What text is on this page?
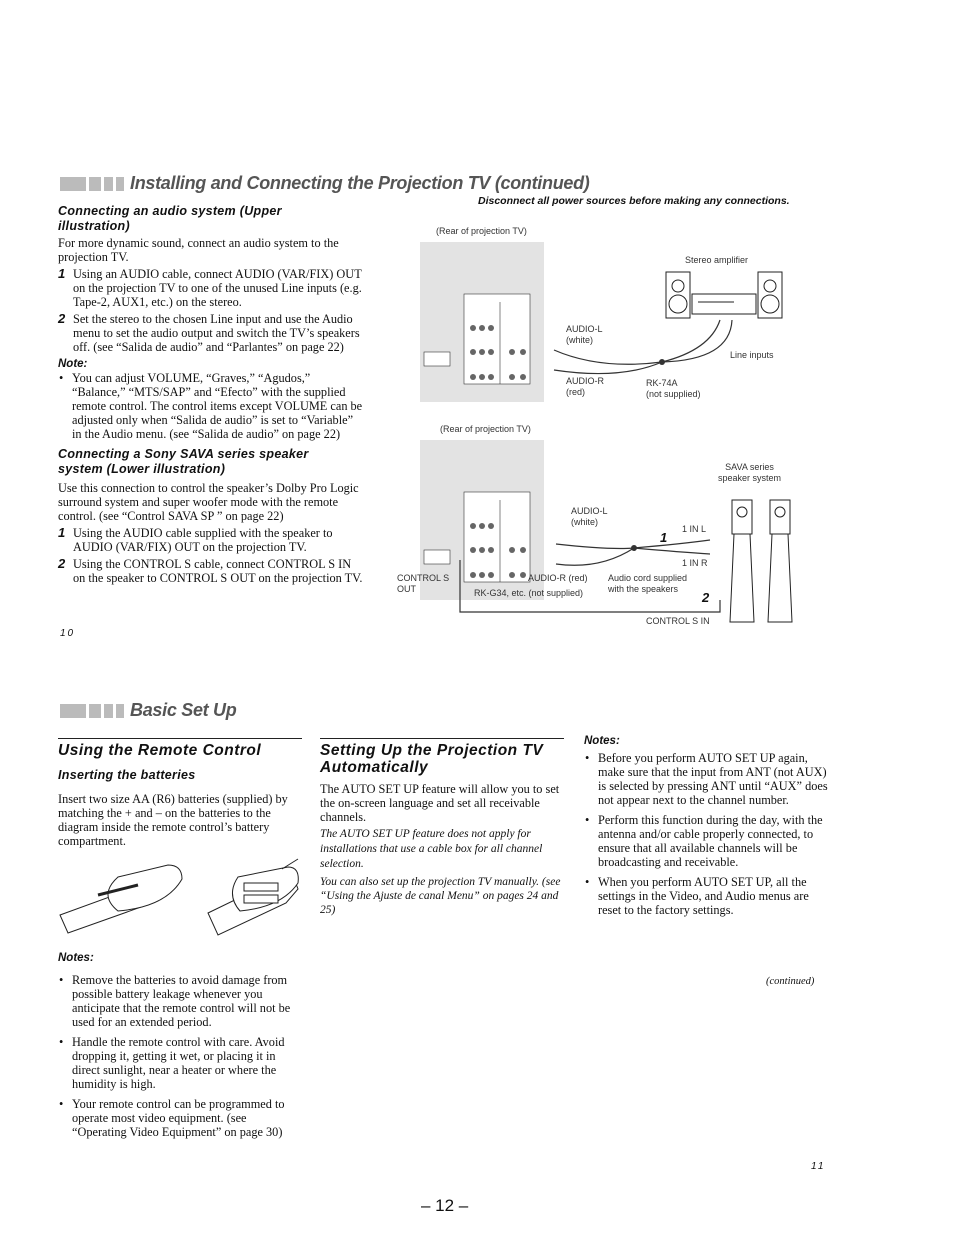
Installing and Connecting the Projection TV (continued)
Disconnect all power sources before making any connections.
Connecting an audio system (Upper illustration)
For more dynamic sound, connect an audio system to the projection TV.
1 Using an AUDIO cable, connect AUDIO (VAR/FIX) OUT on the projection TV to one of the unused Line inputs (e.g. Tape-2, AUX1, etc.) on the stereo.
2 Set the stereo to the chosen Line input and use the Audio menu to set the audio output and switch the TV’s speakers off. (see “Salida de audio” and “Parlantes” on page 22)
Note:
• You can adjust VOLUME, “Graves,” “Agudos,” “Balance,” “MTS/SAP” and “Efecto” with the supplied remote control. The control items except VOLUME can be adjusted only when “Salida de audio” is set to “Variable” in the Audio menu. (see “Salida de audio” on page 22)
Connecting a Sony SAVA series speaker system (Lower illustration)
Use this connection to control the speaker’s Dolby Pro Logic surround system and super woofer mode with the remote control. (see “Control SAVA SP ” on page 22)
1 Using the AUDIO cable supplied with the speaker to AUDIO (VAR/FIX) OUT on the projection TV.
2 Using the CONTROL S cable, connect CONTROL S IN on the speaker to CONTROL S OUT on the projection TV.
10
(Rear of projection TV)
Stereo amplifier
AUDIO-L
(white)
AUDIO-R
(red)
RK-74A
(not supplied)
Line inputs
(Rear of projection TV)
SAVA series
speaker system
AUDIO-L
(white)
1 IN L
1 IN R
1
2
CONTROL S
OUT
AUDIO-R (red)
RK-G34, etc. (not supplied)
Audio cord supplied
with the speakers
CONTROL S IN
Basic Set Up
Using the Remote Control
Inserting the batteries
Insert two size AA (R6) batteries (supplied) by matching the + and – on the batteries to the diagram inside the remote control’s battery compartment.
Notes:
• Remove the batteries to avoid damage from possible battery leakage whenever you anticipate that the remote control will not be used for an extended period.
• Handle the remote control with care. Avoid dropping it, getting it wet, or placing it in direct sunlight, near a heater or where the humidity is high.
• Your remote control can be programmed to operate most video equipment. (see “Operating Video Equipment” on page 30)
Setting Up the Projection TV Automatically
The AUTO SET UP feature will allow you to set the on-screen language and set all receivable channels.
The AUTO SET UP feature does not apply for installations that use a cable box for all channel selection.
You can also set up the projection TV manually. (see “Using the Ajuste de canal Menu” on pages 24 and 25)
Notes:
• Before you perform AUTO SET UP again, make sure that the input from ANT (not AUX) is selected by pressing ANT until “AUX” does not appear next to the channel number.
• Perform this function during the day, with the antenna and/or cable properly connected, to ensure that all available channels will be broadcasting and receivable.
• When you perform AUTO SET UP, all the settings in the Video, and Audio menus are reset to the factory settings.
(continued)
11
– 12 –
